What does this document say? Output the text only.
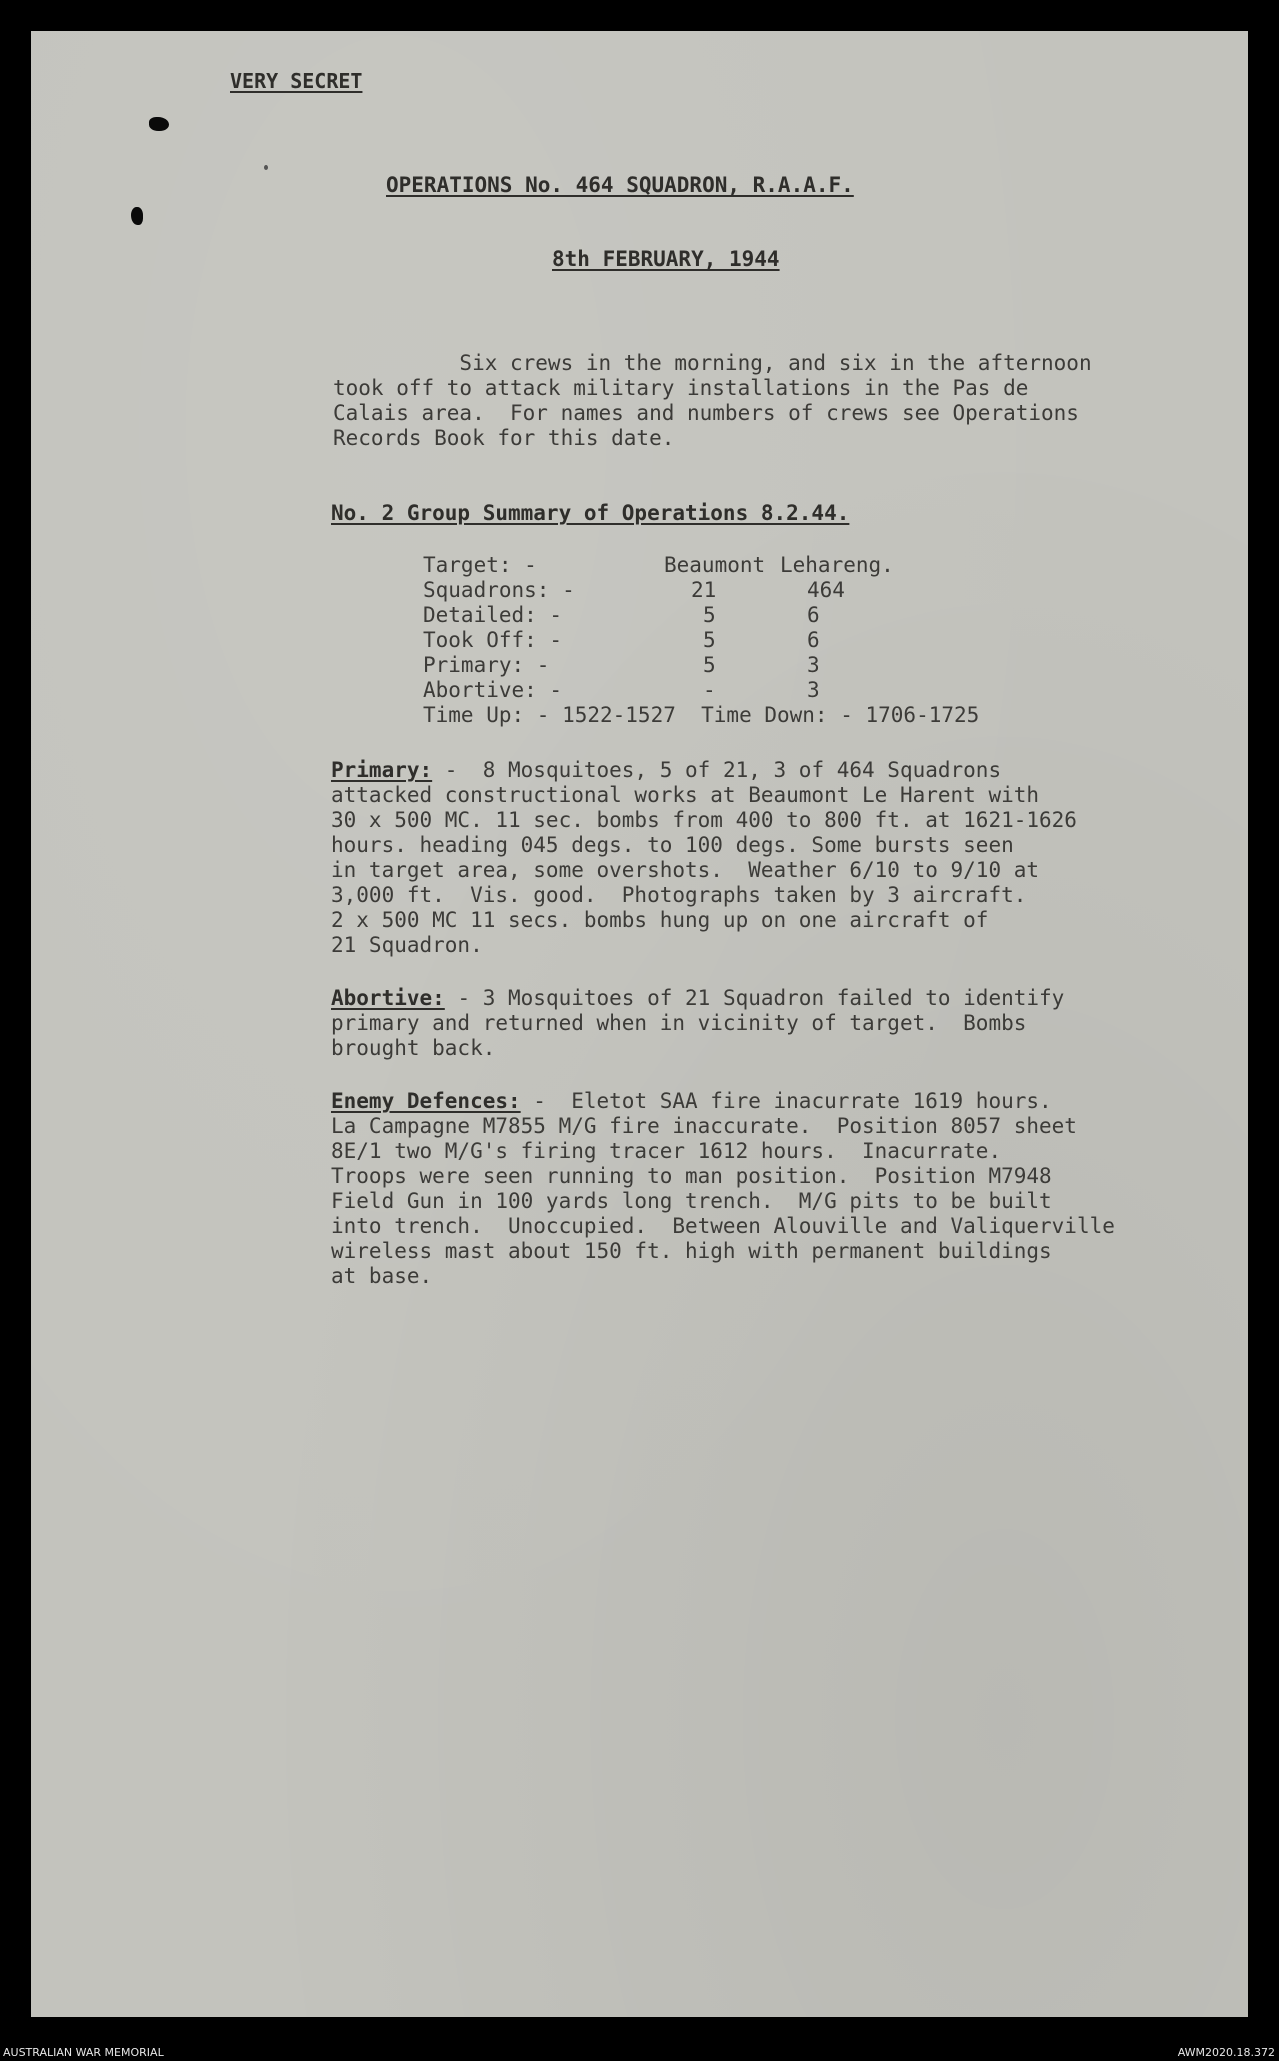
VERY SECRET
OPERATIONS No. 464 SQUADRON, R.A.A.F.
8th FEBRUARY, 1944
Six crews in the morning, and six in the afternoon
took off to attack military installations in the Pas de
Calais area.  For names and numbers of crews see Operations
Records Book for this date.
No. 2 Group Summary of Operations 8.2.44.
Target: -	Beaumont Lehareng.
Squadrons: -	21	464
Detailed: -	5	6
Took Off: -	5	6
Primary: -	5	3
Abortive: -	-	3
Time Up: - 1522-1527  Time Down: - 1706-1725
Primary: -  8 Mosquitoes, 5 of 21, 3 of 464 Squadrons
attacked constructional works at Beaumont Le Harent with
30 x 500 MC. 11 sec. bombs from 400 to 800 ft. at 1621-1626
hours. heading 045 degs. to 100 degs. Some bursts seen
in target area, some overshots.  Weather 6/10 to 9/10 at
3,000 ft.  Vis. good.  Photographs taken by 3 aircraft.
2 x 500 MC 11 secs. bombs hung up on one aircraft of
21 Squadron.
Abortive: - 3 Mosquitoes of 21 Squadron failed to identify
primary and returned when in vicinity of target.  Bombs
brought back.
Enemy Defences: -  Eletot SAA fire inacurrate 1619 hours.
La Campagne M7855 M/G fire inaccurate.  Position 8057 sheet
8E/1 two M/G's firing tracer 1612 hours.  Inacurrate.
Troops were seen running to man position.  Position M7948
Field Gun in 100 yards long trench.  M/G pits to be built
into trench.  Unoccupied.  Between Alouville and Valiquerville
wireless mast about 150 ft. high with permanent buildings
at base.
AUSTRALIAN WAR MEMORIAL	AWM2020.18.372
